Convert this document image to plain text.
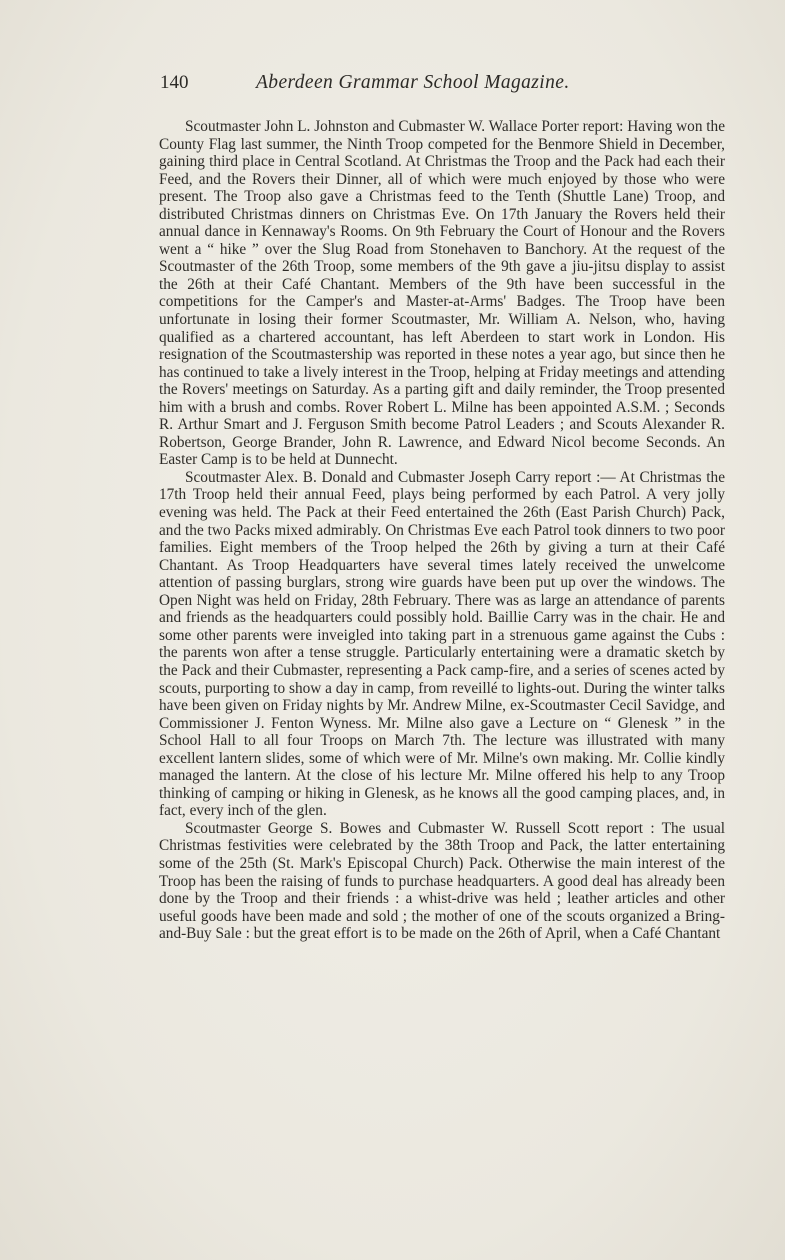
140	Aberdeen Grammar School Magazine.

Scoutmaster John L. Johnston and Cubmaster W. Wallace Porter report: Having won the County Flag last summer, the Ninth Troop competed for the Benmore Shield in December, gaining third place in Central Scotland. At Christmas the Troop and the Pack had each their Feed, and the Rovers their Dinner, all of which were much enjoyed by those who were present. The Troop also gave a Christmas feed to the Tenth (Shuttle Lane) Troop, and distributed Christmas dinners on Christmas Eve. On 17th January the Rovers held their annual dance in Kennaway's Rooms. On 9th February the Court of Honour and the Rovers went a “ hike ” over the Slug Road from Stonehaven to Banchory. At the request of the Scoutmaster of the 26th Troop, some members of the 9th gave a jiu-jitsu display to assist the 26th at their Café Chantant. Members of the 9th have been successful in the competitions for the Camper's and Master-at-Arms' Badges. The Troop have been unfortunate in losing their former Scoutmaster, Mr. William A. Nelson, who, having qualified as a chartered accountant, has left Aberdeen to start work in London. His resignation of the Scoutmastership was reported in these notes a year ago, but since then he has continued to take a lively interest in the Troop, helping at Friday meetings and attending the Rovers' meetings on Saturday. As a parting gift and daily reminder, the Troop presented him with a brush and combs. Rover Robert L. Milne has been appointed A.S.M. ; Seconds R. Arthur Smart and J. Ferguson Smith become Patrol Leaders ; and Scouts Alexander R. Robertson, George Brander, John R. Lawrence, and Edward Nicol become Seconds. An Easter Camp is to be held at Dunnecht.

Scoutmaster Alex. B. Donald and Cubmaster Joseph Carry report :— At Christmas the 17th Troop held their annual Feed, plays being performed by each Patrol. A very jolly evening was held. The Pack at their Feed entertained the 26th (East Parish Church) Pack, and the two Packs mixed admirably. On Christmas Eve each Patrol took dinners to two poor families. Eight members of the Troop helped the 26th by giving a turn at their Café Chantant. As Troop Headquarters have several times lately received the unwelcome attention of passing burglars, strong wire guards have been put up over the windows. The Open Night was held on Friday, 28th February. There was as large an attendance of parents and friends as the headquarters could possibly hold. Baillie Carry was in the chair. He and some other parents were inveigled into taking part in a strenuous game against the Cubs : the parents won after a tense struggle. Particularly entertaining were a dramatic sketch by the Pack and their Cubmaster, representing a Pack camp-fire, and a series of scenes acted by scouts, purporting to show a day in camp, from reveillé to lights-out. During the winter talks have been given on Friday nights by Mr. Andrew Milne, ex-Scoutmaster Cecil Savidge, and Commissioner J. Fenton Wyness. Mr. Milne also gave a Lecture on “ Glenesk ” in the School Hall to all four Troops on March 7th. The lecture was illustrated with many excellent lantern slides, some of which were of Mr. Milne's own making. Mr. Collie kindly managed the lantern. At the close of his lecture Mr. Milne offered his help to any Troop thinking of camping or hiking in Glenesk, as he knows all the good camping places, and, in fact, every inch of the glen.

Scoutmaster George S. Bowes and Cubmaster W. Russell Scott report : The usual Christmas festivities were celebrated by the 38th Troop and Pack, the latter entertaining some of the 25th (St. Mark's Episcopal Church) Pack. Otherwise the main interest of the Troop has been the raising of funds to purchase headquarters. A good deal has already been done by the Troop and their friends : a whist-drive was held ; leather articles and other useful goods have been made and sold ; the mother of one of the scouts organized a Bring-and-Buy Sale : but the great effort is to be made on the 26th of April, when a Café Chantant
